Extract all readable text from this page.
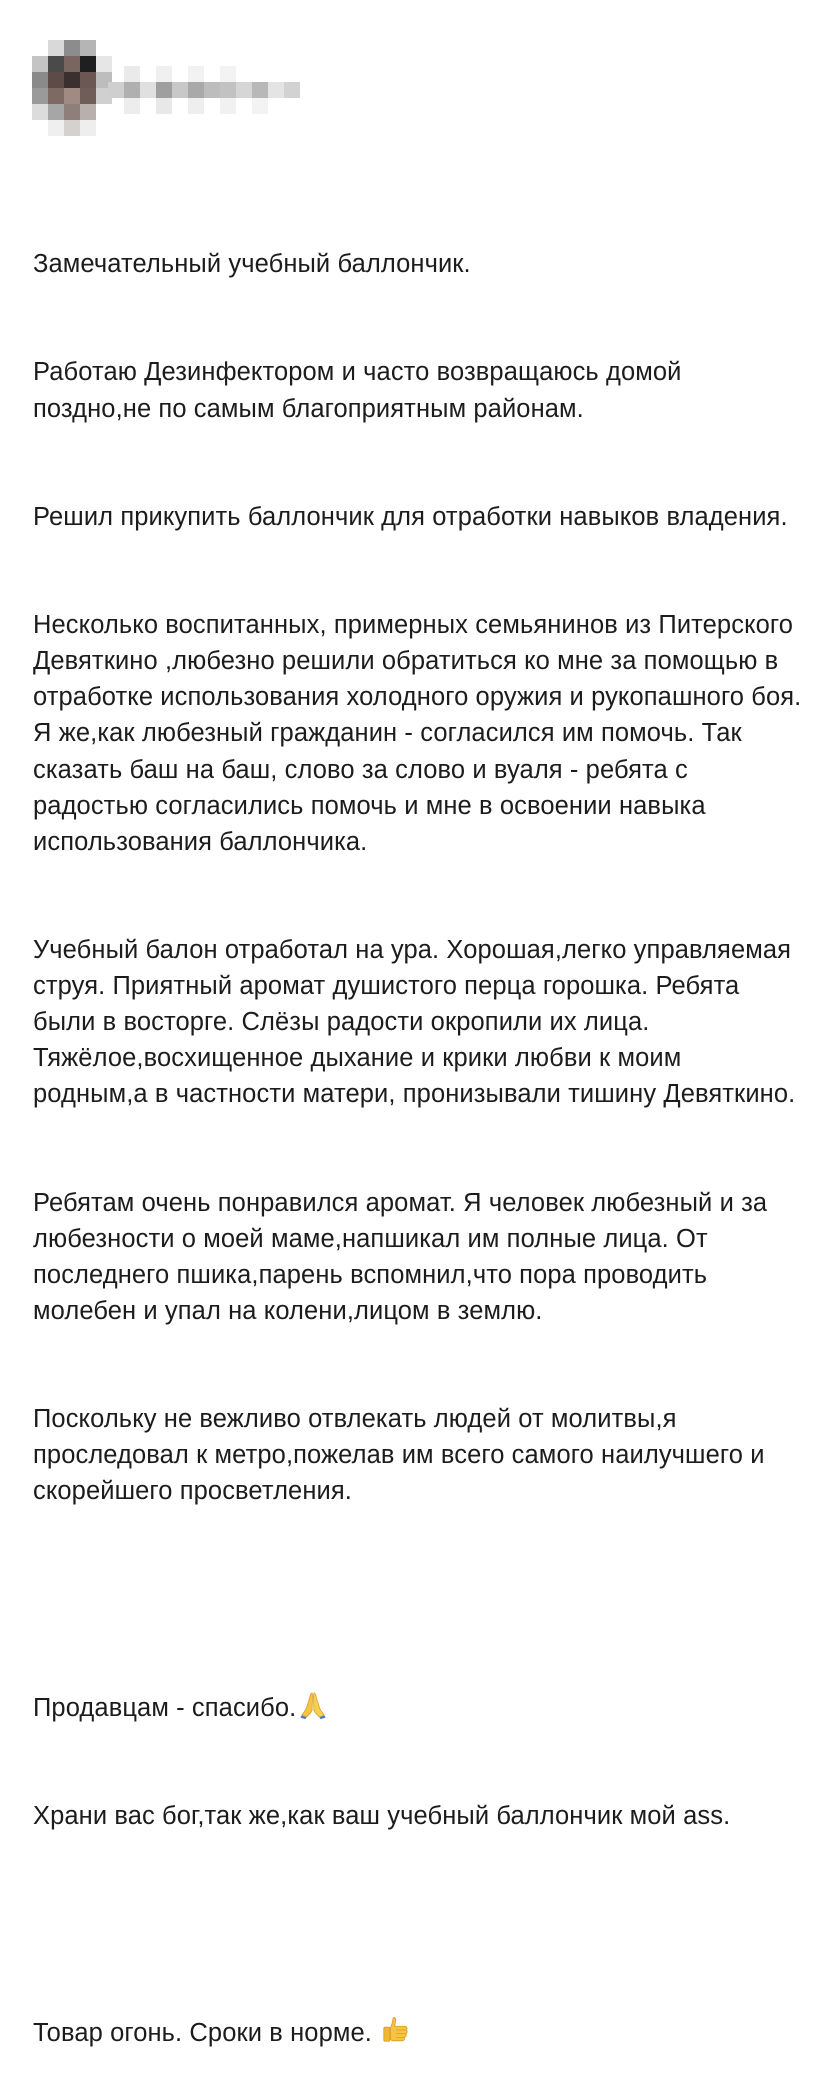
Замечательный учебный баллончик.

Работаю Дезинфектором и часто возвращаюсь домой поздно,не по самым благоприятным районам.

Решил прикупить баллончик для отработки навыков владения.

Несколько воспитанных, примерных семьянинов из Питерского Девяткино ,любезно решили обратиться ко мне за помощью в отработке использования холодного оружия и рукопашного боя. Я же,как любезный гражданин - согласился им помочь. Так сказать баш на баш, слово за слово и вуаля - ребята с радостью согласились помочь и мне в освоении навыка использования баллончика.

Учебный балон отработал на ура. Хорошая,легко управляемая струя. Приятный аромат душистого перца горошка. Ребята были в восторге. Слёзы радости окропили их лица. Тяжёлое,восхищенное дыхание и крики любви к моим родным,а в частности матери, пронизывали тишину Девяткино.

Ребятам очень понравился аромат. Я человек любезный и за любезности о моей маме,напшикал им полные лица. От последнего пшика,парень вспомнил,что пора проводить молебен и упал на колени,лицом в землю.

Поскольку не вежливо отвлекать людей от молитвы,я проследовал к метро,пожелав им всего самого наилучшего и скорейшего просветления.

Продавцам - спасибо.

Храни вас бог,так же,как ваш учебный баллончик мой ass.

Товар огонь. Сроки в норме.
